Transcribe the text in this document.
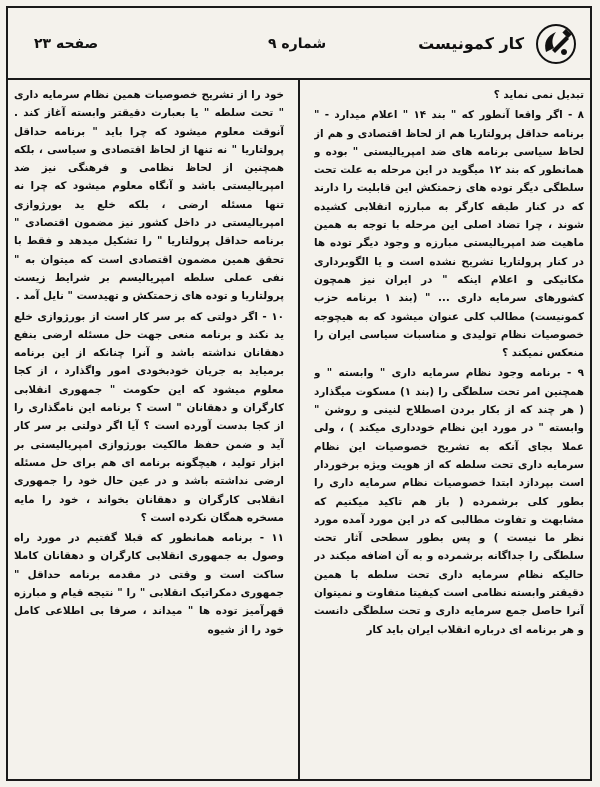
کار کمونیست
شماره ۹
صفحه ۲۳

تبدیل نمی نماید ؟

۸ - اگر واقعا آنطور که " بند ۱۴ " اعلام میدارد - " برنامه حداقل پرولتاریا هم از لحاظ اقتصادی و هم از لحاظ سیاسی برنامه های ضد امپریالیستی " بوده و همانطور که بند ۱۲ میگوید در این مرحله به علت تحت سلطگی دیگر توده های زحمتکش این قابلیت را دارند که در کنار طبقه کارگر به مبارزه انقلابی کشیده شوند ، چرا تضاد اصلی این مرحله با توجه به همین ماهیت ضد امپریالیستی مبارزه و وجود دیگر توده ها در کنار پرولتاریا تشریح نشده است و یا الگوبرداری مکانیکی و اعلام اینکه " در ایران نیز همچون کشورهای سرمایه داری ... " (بند ۱ برنامه حزب کمونیست) مطالب کلی عنوان میشود که به هیچوجه خصوصیات نظام تولیدی و مناسبات سیاسی ایران را منعکس نمیکند ؟

۹ - برنامه وجود نظام سرمایه داری " وابسته " و همچنین امر تحت سلطگی را (بند ۱) مسکوت میگذارد ( هر چند که از بکار بردن اصطلاح لنینی و روشن " وابسته " در مورد این نظام خودداری میکند ) ، ولی عملا بجای آنکه به تشریح خصوصیات این نظام سرمایه داری تحت سلطه که از هویت ویژه برخوردار است بپردازد ابتدا خصوصیات نظام سرمایه داری را بطور کلی برشمرده ( باز هم تاکید میکنیم که مشابهت و تفاوت مطالبی که در این مورد آمده مورد نظر ما نیست ) و پس بطور سطحی آثار تحت سلطگی را جداگانه برشمرده و به آن اضافه میکند در حالیکه نظام سرمایه داری تحت سلطه با همین دقیقتر وابسته نظامی است کیفیتا متفاوت و نمیتوان آنرا حاصل جمع سرمایه داری و تحت سلطگی دانست و هر برنامه ای درباره انقلاب ایران باید کار

خود را از تشریح خصوصیات همین نظام سرمایه داری " تحت سلطه " یا بعبارت دقیقتر وابسته آغاز کند . آنوقت معلوم میشود که چرا باید " برنامه حداقل پرولتاریا " نه تنها از لحاظ اقتصادی و سیاسی ، بلکه همچنین از لحاظ نظامی و فرهنگی نیز ضد امپریالیستی باشد و آنگاه معلوم میشود که چرا نه تنها مسئله ارضی ، بلکه خلع ید بورژوازی امپریالیستی در داخل کشور نیز مضمون اقتصادی " برنامه حداقل پرولتاریا " را تشکیل میدهد و فقط با تحقق همین مضمون اقتصادی است که میتوان به " نفی عملی سلطه امپریالیسم بر شرایط زیست پرولتاریا و توده های زحمتکش و تهیدست " نایل آمد .

۱۰ - اگر دولتی که بر سر کار است از بورژوازی خلع ید نکند و برنامه منعی جهت حل مسئله ارضی بنفع دهقانان نداشته باشد و آنرا چنانکه از این برنامه برمیاید به جریان خودبخودی امور واگذارد ، از کجا معلوم میشود که این حکومت " جمهوری انقلابی کارگران و دهقانان " است ؟ برنامه این نامگذاری را از کجا بدست آورده است ؟ آیا اگر دولتی بر سر کار آید و ضمن حفظ مالکیت بورژوازی امپریالیستی بر ابزار تولید ، هیچگونه برنامه ای هم برای حل مسئله ارضی نداشته باشد و در عین حال خود را جمهوری انقلابی کارگران و دهقانان بخواند ، خود را مایه مسخره همگان نکرده است ؟

۱۱ - برنامه همانطور که قبلا گفتیم در مورد راه وصول به جمهوری انقلابی کارگران و دهقانان کاملا ساکت است و وقتی در مقدمه برنامه حداقل " جمهوری دمکراتیک انقلابی " را " نتیجه قیام و مبارزه قهرآمیز توده ها " میداند ، صرفا بی اطلاعی کامل خود را از شیوه
